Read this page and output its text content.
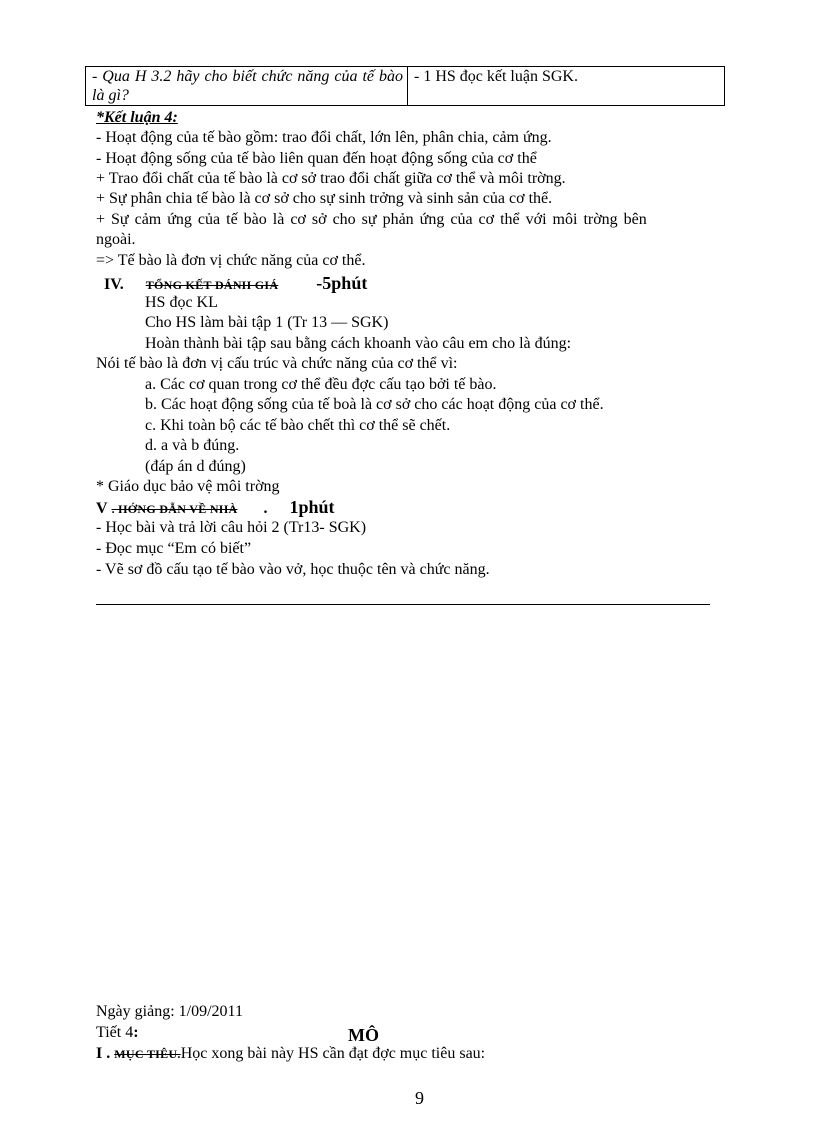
- Qua H 3.2 hãy cho biết chức năng của tế bào là gì?
- 1 HS đọc kết luận SGK.
*Kết luận 4:
- Hoạt động của tế bào gồm: trao đổi chất, lớn lên, phân chia, cảm ứng.
- Hoạt động sống của tế bào liên quan đến hoạt động sống của cơ thể
+ Trao đổi chất của tế bào là cơ sở trao đổi chất giữa cơ thể và môi trờng.
+ Sự phân chia tế bào là cơ sở cho sự sinh trởng và sinh sản của cơ thể.
+ Sự cảm ứng của tế bào là cơ sở cho sự phản ứng của cơ thể với môi trờng bên
ngoài.
=> Tế bào là đơn vị chức năng của cơ thể.
IV. TỔNG KẾT ĐÁNH GIÁ -5phút
HS đọc KL
Cho HS làm bài tập 1 (Tr 13 — SGK)
Hoàn thành bài tập sau bằng cách khoanh vào câu em cho là đúng:
Nói tế bào là đơn vị cấu trúc và chức năng của cơ thể vì:
a. Các cơ quan trong cơ thể đều đợc cấu tạo bởi tế bào.
b. Các hoạt động sống của tế boà là cơ sở cho các hoạt động của cơ thể.
c. Khi toàn bộ các tế bào chết thì cơ thể sẽ chết.
d. a và b đúng.
(đáp án d đúng)
* Giáo dục bảo vệ môi trờng
V . HỚNG DẪN VỀ NHÀ . 1phút
- Học bài và trả lời câu hỏi 2 (Tr13- SGK)
- Đọc mục “Em có biết”
- Vẽ sơ đồ cấu tạo tế bào vào vở, học thuộc tên và chức năng.
Ngày giảng: 1/09/2011
Tiết 4:	MÔ
I . MỤC TIÊU.Học xong bài này HS cần đạt đợc mục tiêu sau:
9
